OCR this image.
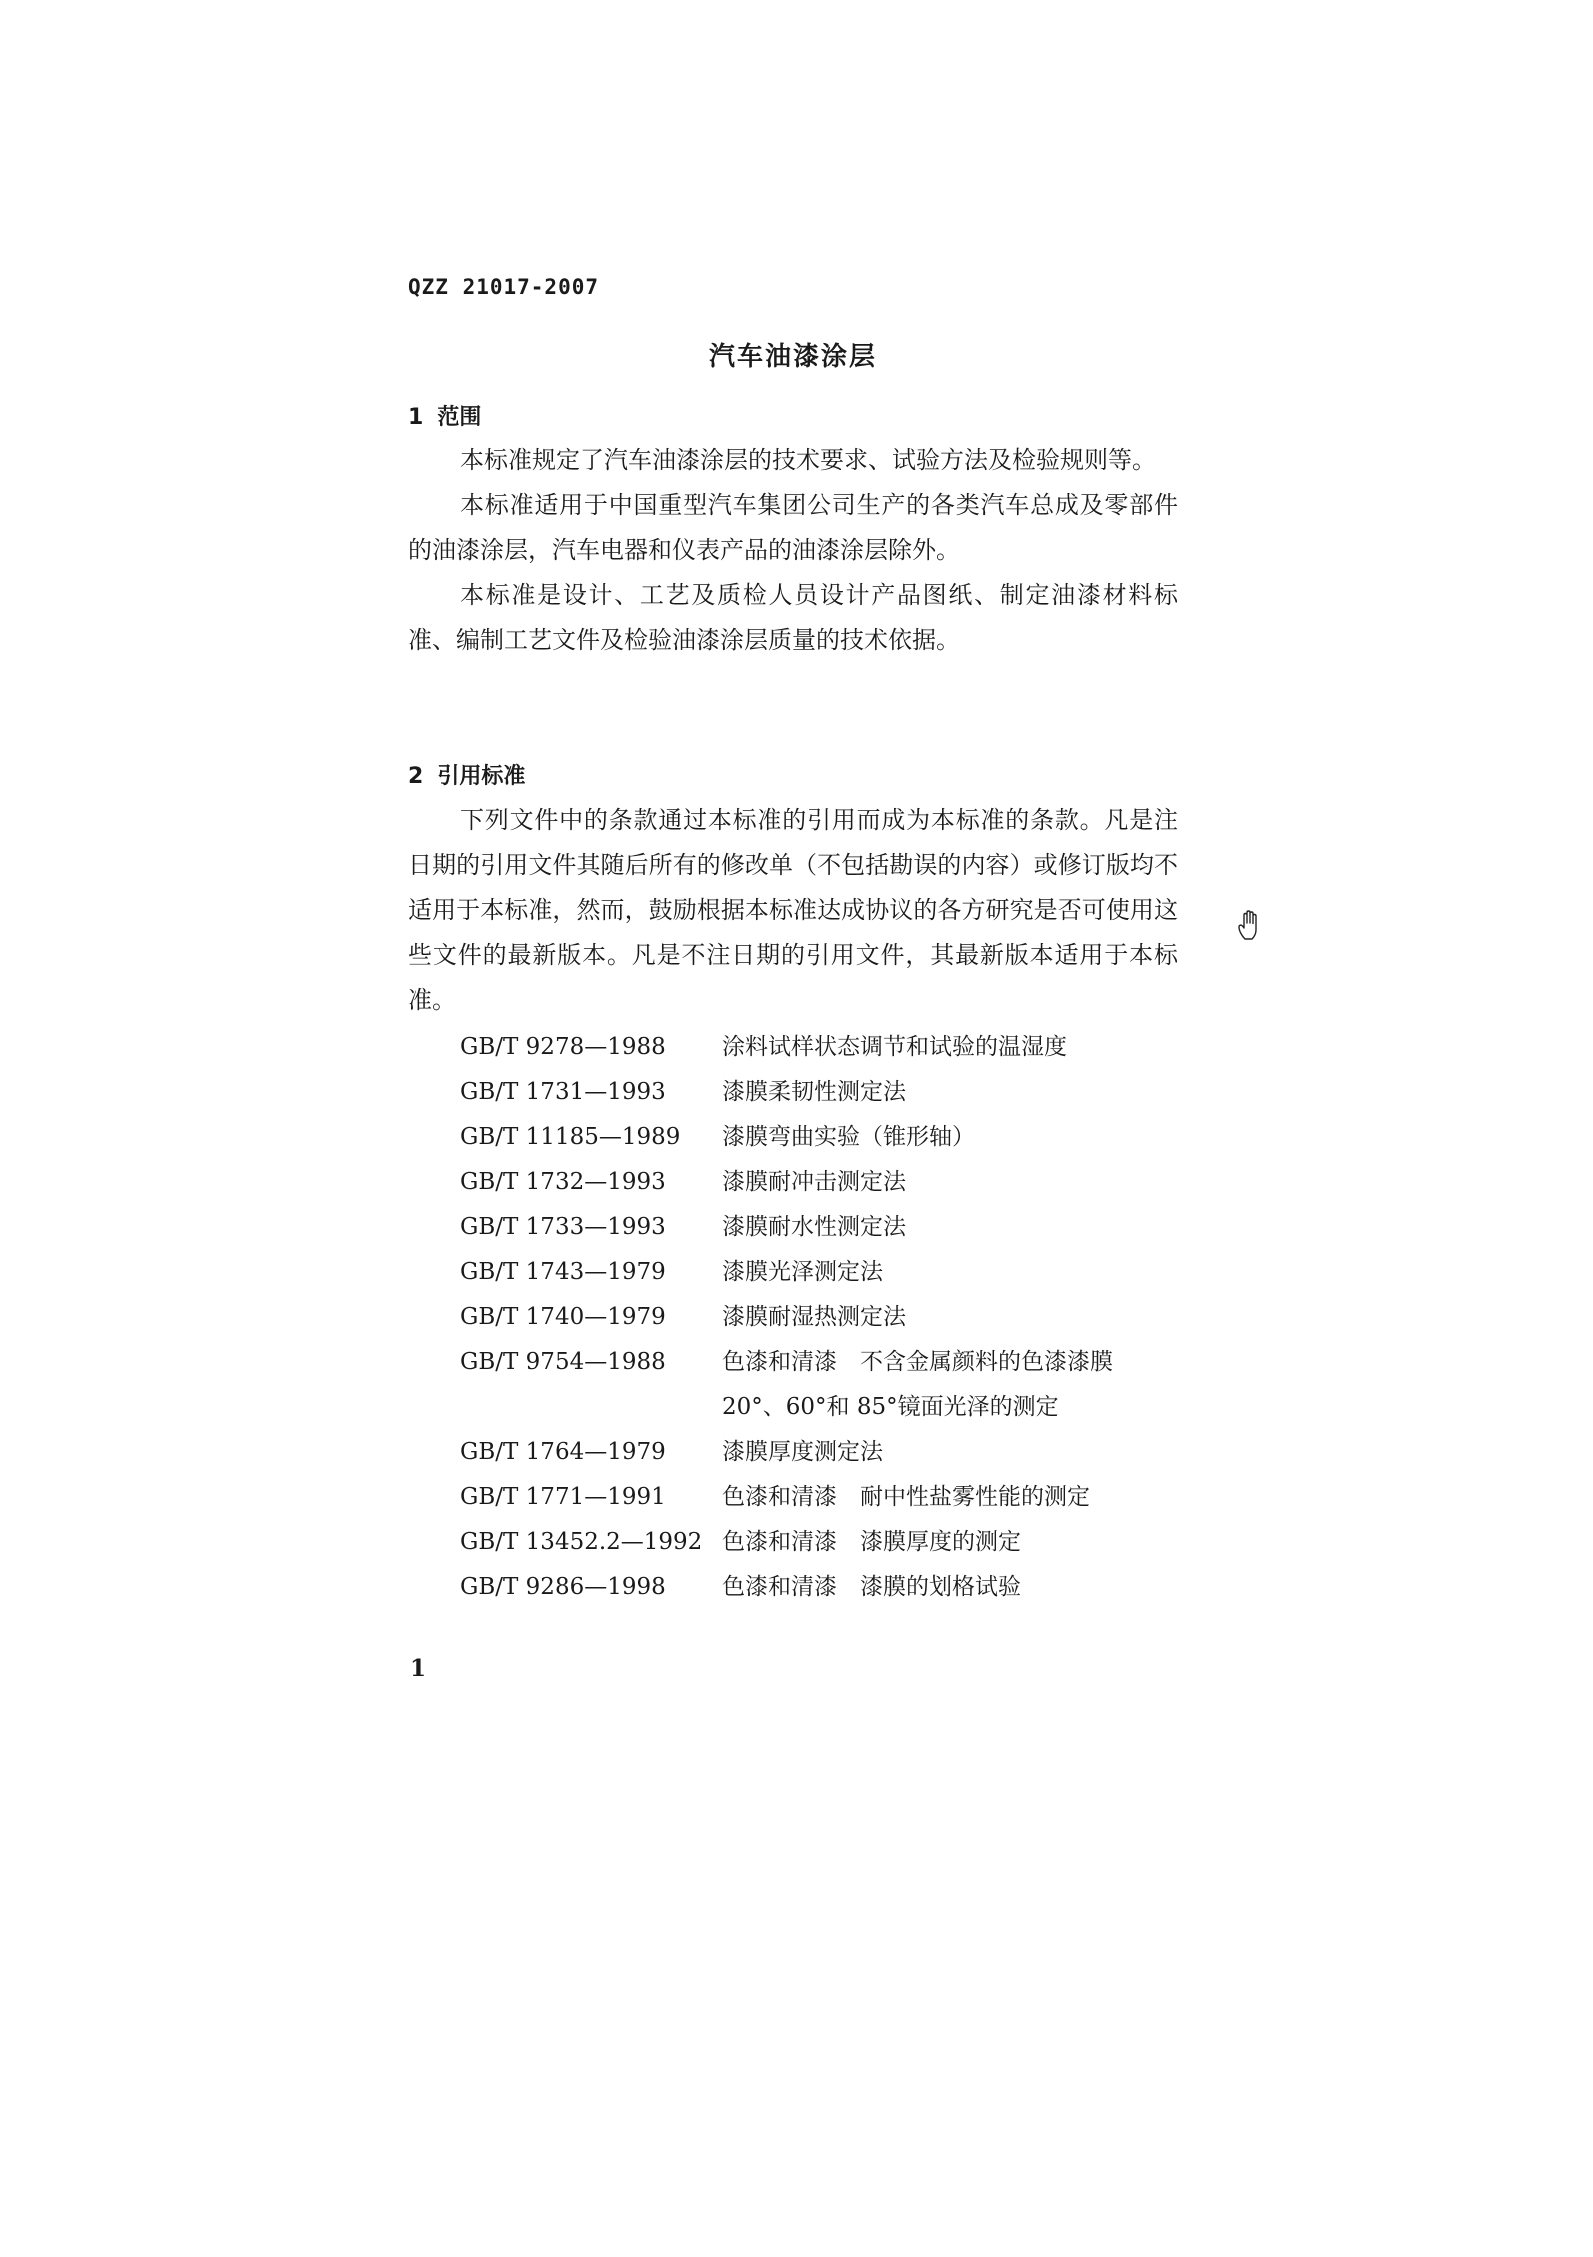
QZZ 21017-2007
汽车油漆涂层
1 范围

本标准规定了汽车油漆涂层的技术要求、试验方法及检验规则等。

本标准适用于中国重型汽车集团公司生产的各类汽车总成及零部件的油漆涂层，汽车电器和仪表产品的油漆涂层除外。

本标准是设计、工艺及质检人员设计产品图纸、制定油漆材料标准、编制工艺文件及检验油漆涂层质量的技术依据。

2 引用标准

下列文件中的条款通过本标准的引用而成为本标准的条款。凡是注日期的引用文件其随后所有的修改单（不包括勘误的内容）或修订版均不适用于本标准，然而，鼓励根据本标准达成协议的各方研究是否可使用这些文件的最新版本。凡是不注日期的引用文件，其最新版本适用于本标准。

GB/T 9278—1988	涂料试样状态调节和试验的温湿度
GB/T 1731—1993	漆膜柔韧性测定法
GB/T 11185—1989	漆膜弯曲实验（锥形轴）
GB/T 1732—1993	漆膜耐冲击测定法
GB/T 1733—1993	漆膜耐水性测定法
GB/T 1743—1979	漆膜光泽测定法
GB/T 1740—1979	漆膜耐湿热测定法
GB/T 9754—1988	色漆和清漆　不含金属颜料的色漆漆膜
20°、60°和 85°镜面光泽的测定
GB/T 1764—1979	漆膜厚度测定法
GB/T 1771—1991	色漆和清漆　耐中性盐雾性能的测定
GB/T 13452.2—1992 色漆和清漆　漆膜厚度的测定
GB/T 9286—1998	色漆和清漆　漆膜的划格试验
1
